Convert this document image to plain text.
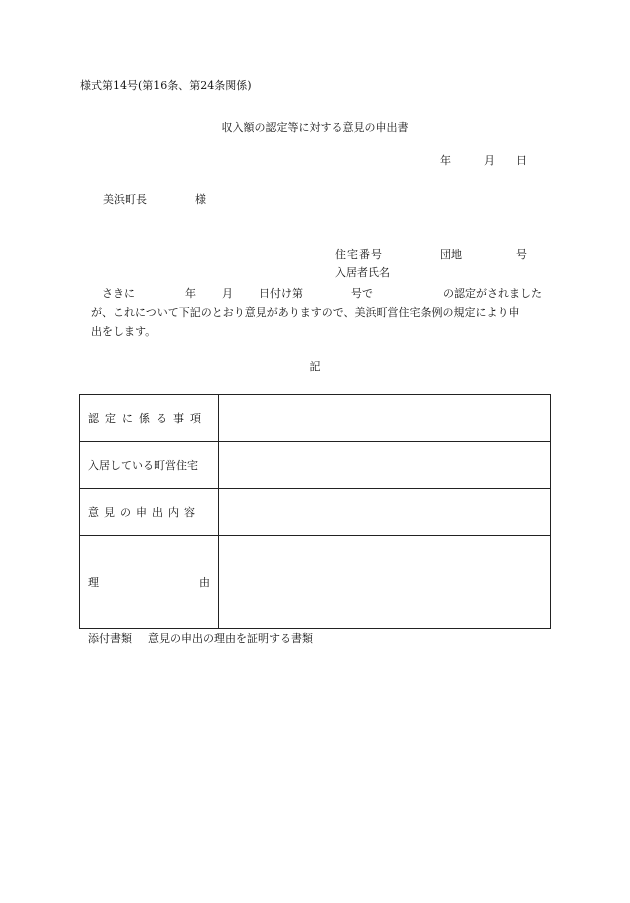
様式第14号(第16条、第24条関係)
収入額の認定等に対する意見の申出書
年	月 日
美浜町長	様
住宅番号	団地	号
入居者氏名
さきに	年 月 日付け第	号で	の認定がされました
が、これについて下記のとおり意見がありますので、美浜町営住宅条例の規定により申
出をします。
記
認定に係る事項	

入居している町営住宅	

意見の申出内容	

理 由	

添付書類 意見の申出の理由を証明する書類
